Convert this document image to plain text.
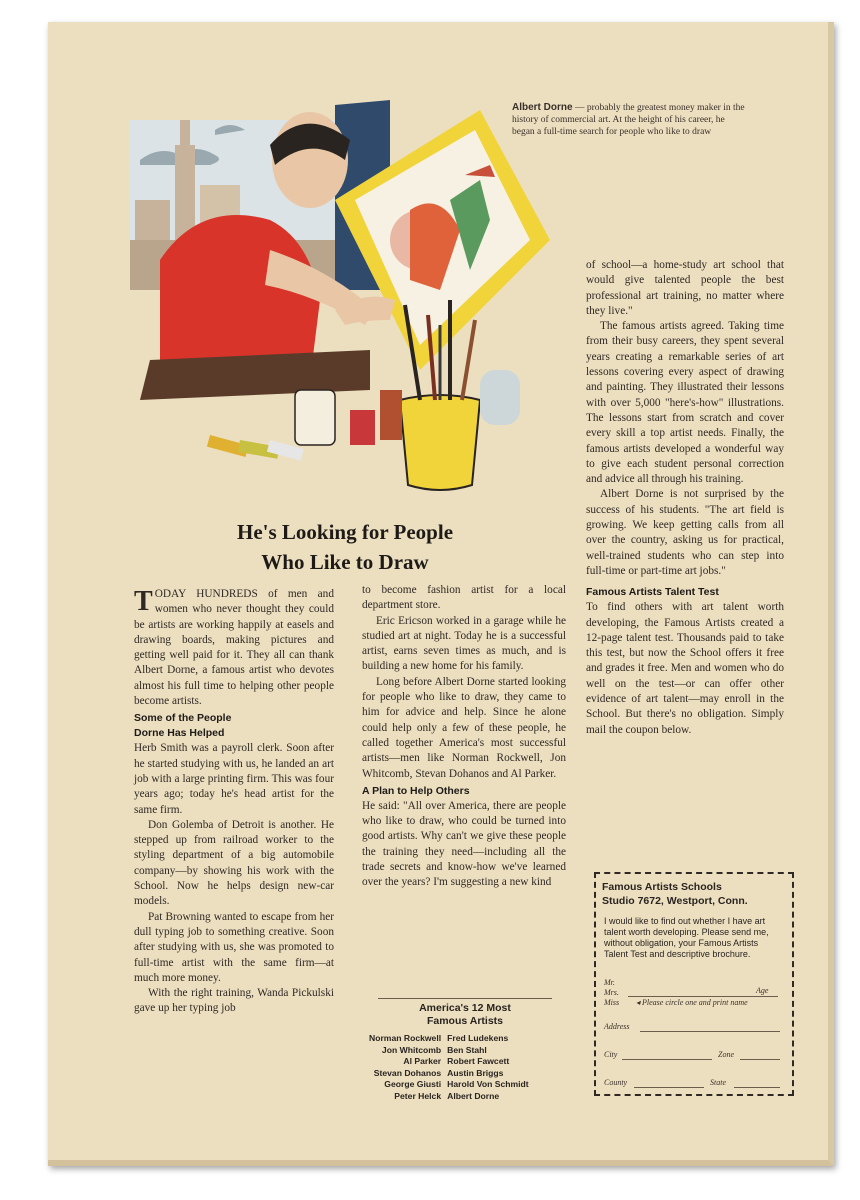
Albert Dorne — probably the greatest money maker in the history of commercial art. At the height of his career, he began a full-time search for people who like to draw
He's Looking for People
Who Like to Draw

TODAY HUNDREDS of men and women who never thought they could be artists are working happily at easels and drawing boards, making pictures and getting well paid for it. They all can thank Albert Dorne, a famous artist who devotes almost his full time to helping other people become artists.

Some of the People
Dorne Has Helped

Herb Smith was a payroll clerk. Soon after he started studying with us, he landed an art job with a large printing firm. This was four years ago; today he's head artist for the same firm.

Don Golemba of Detroit is another. He stepped up from railroad worker to the styling department of a big automobile company—by showing his work with the School. Now he helps design new-car models.

Pat Browning wanted to escape from her dull typing job to something creative. Soon after studying with us, she was promoted to full-time artist with the same firm—at much more money.

With the right training, Wanda Pickulski gave up her typing job

to become fashion artist for a local department store.

Eric Ericson worked in a garage while he studied art at night. Today he is a successful artist, earns seven times as much, and is building a new home for his family.

Long before Albert Dorne started looking for people who like to draw, they came to him for advice and help. Since he alone could help only a few of these people, he called together America's most successful artists—men like Norman Rockwell, Jon Whitcomb, Stevan Dohanos and Al Parker.

A Plan to Help Others

He said: "All over America, there are people who like to draw, who could be turned into good artists. Why can't we give these people the training they need—including all the trade secrets and know-how we've learned over the years? I'm suggesting a new kind

of school—a home-study art school that would give talented people the best professional art training, no matter where they live."

The famous artists agreed. Taking time from their busy careers, they spent several years creating a remarkable series of art lessons covering every aspect of drawing and painting. They illustrated their lessons with over 5,000 "here's-how" illustrations. The lessons start from scratch and cover every skill a top artist needs. Finally, the famous artists developed a wonderful way to give each student personal correction and advice all through his training.

Albert Dorne is not surprised by the success of his students. "The art field is growing. We keep getting calls from all over the country, asking us for practical, well-trained students who can step into full-time or part-time art jobs."

Famous Artists Talent Test

To find others with art talent worth developing, the Famous Artists created a 12-page talent test. Thousands paid to take this test, but now the School offers it free and grades it free. Men and women who do well on the test—or can offer other evidence of art talent—may enroll in the School. But there's no obligation. Simply mail the coupon below.

America's 12 Most
Famous Artists
Norman Rockwell	Fred Ludekens
Jon Whitcomb	Ben Stahl
Al Parker	Robert Fawcett
Stevan Dohanos	Austin Briggs
George Giusti	Harold Von Schmidt
Peter Helck	Albert Dorne
Famous Artists Schools
Studio 7672, Westport, Conn.
I would like to find out whether I have art talent worth developing. Please send me, without obligation, your Famous Artists Talent Test and descriptive brochure.
Mr.
Mrs.
Miss
Age
◂ Please circle one and print name
Address
City	Zone
County	State
